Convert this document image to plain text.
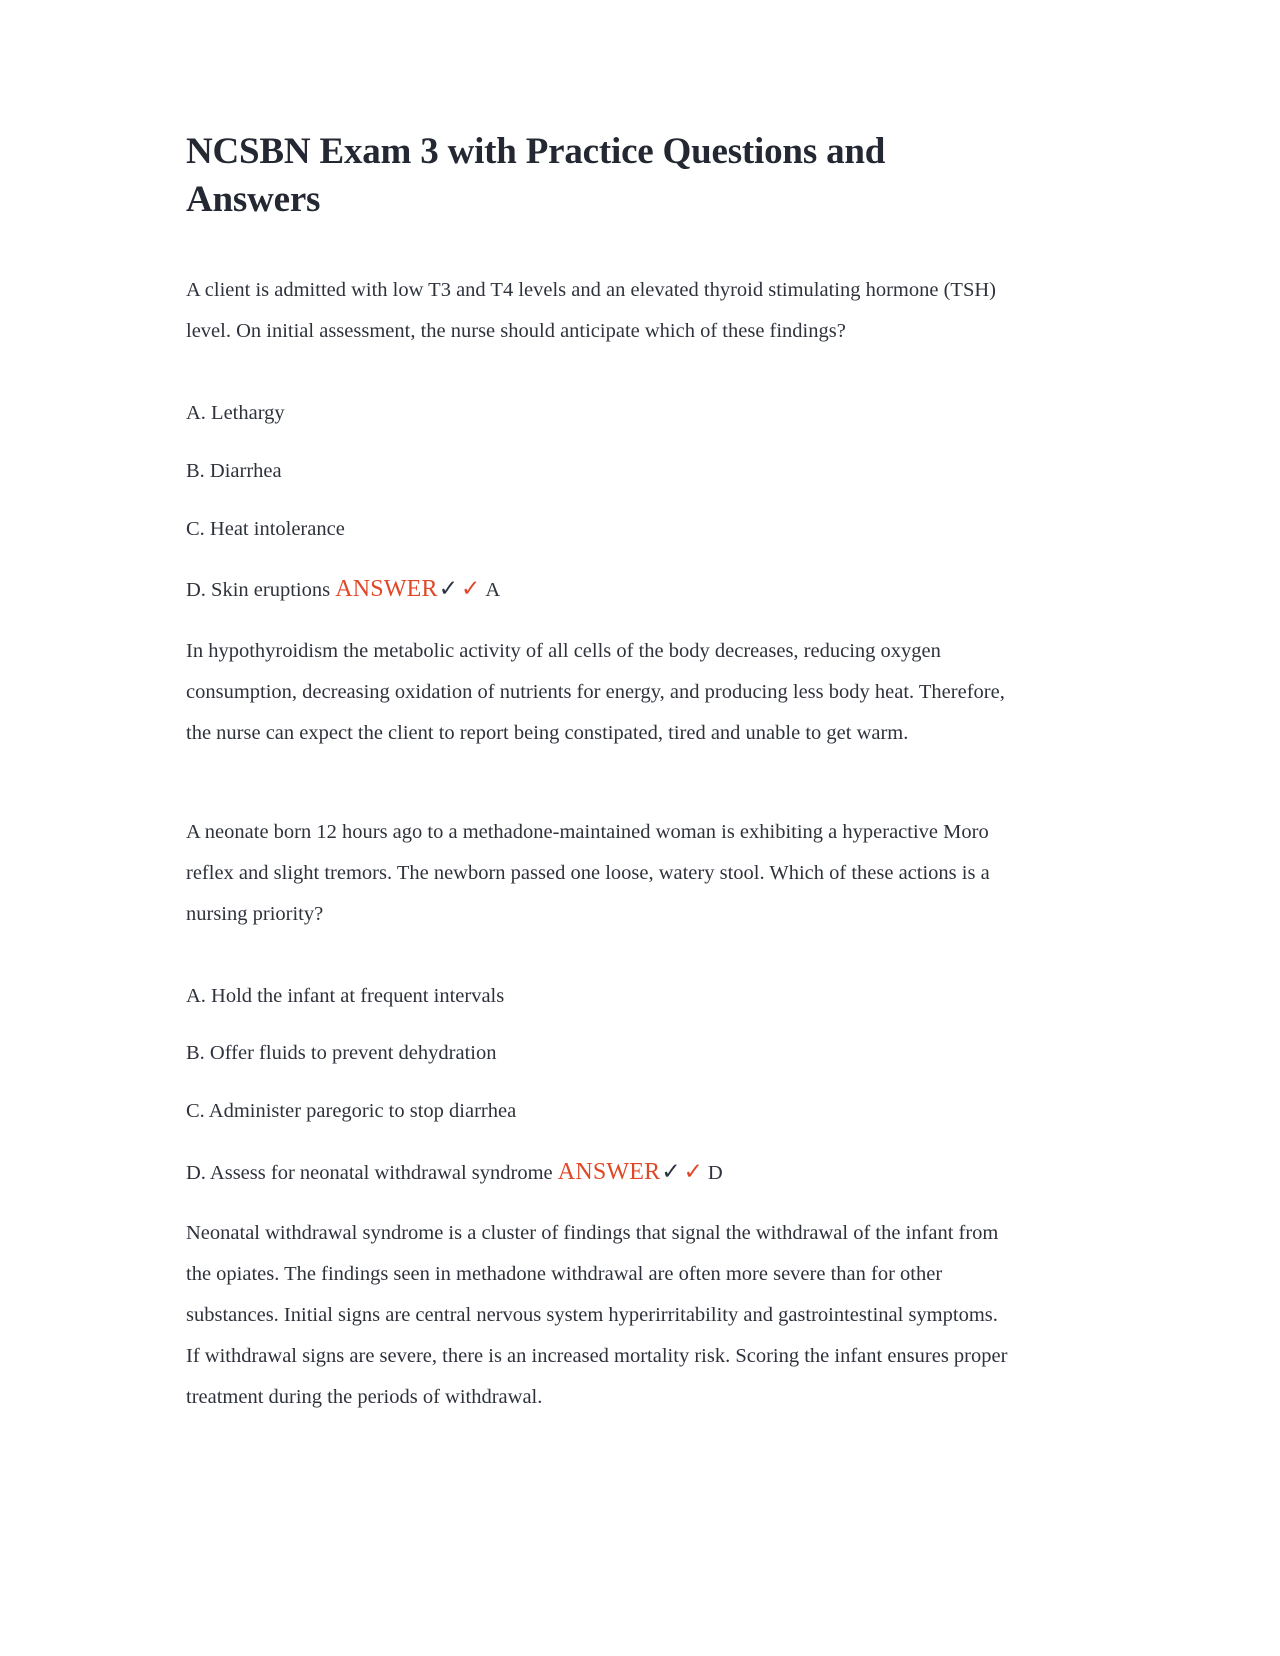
NCSBN Exam 3 with Practice Questions and Answers

A client is admitted with low T3 and T4 levels and an elevated thyroid stimulating hormone (TSH) level. On initial assessment, the nurse should anticipate which of these findings?

A. Lethargy
B. Diarrhea
C. Heat intolerance
D. Skin eruptions ANSWER✓ ✓ A

In hypothyroidism the metabolic activity of all cells of the body decreases, reducing oxygen consumption, decreasing oxidation of nutrients for energy, and producing less body heat. Therefore, the nurse can expect the client to report being constipated, tired and unable to get warm.

A neonate born 12 hours ago to a methadone-maintained woman is exhibiting a hyperactive Moro reflex and slight tremors. The newborn passed one loose, watery stool. Which of these actions is a nursing priority?

A. Hold the infant at frequent intervals
B. Offer fluids to prevent dehydration
C. Administer paregoric to stop diarrhea
D. Assess for neonatal withdrawal syndrome ANSWER✓ ✓ D

Neonatal withdrawal syndrome is a cluster of findings that signal the withdrawal of the infant from the opiates. The findings seen in methadone withdrawal are often more severe than for other substances. Initial signs are central nervous system hyperirritability and gastrointestinal symptoms. If withdrawal signs are severe, there is an increased mortality risk. Scoring the infant ensures proper treatment during the periods of withdrawal.
